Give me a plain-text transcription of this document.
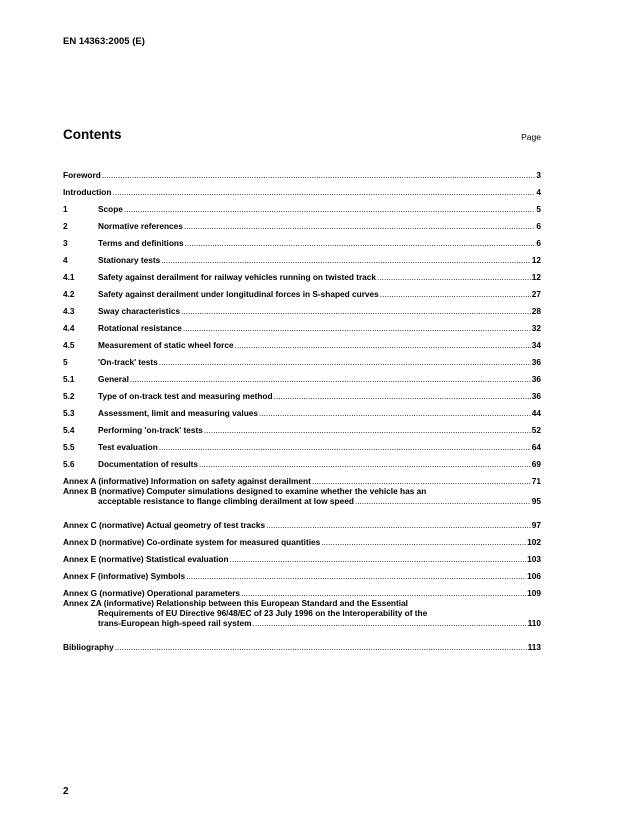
EN 14363:2005 (E)
Contents	Page
Foreword .....	3
Introduction .....	4
1	Scope .....	5
2	Normative references .....	6
3	Terms and definitions .....	6
4	Stationary tests .....	12
4.1	Safety against derailment for railway vehicles running on twisted track .....	12
4.2	Safety against derailment under longitudinal forces in S-shaped curves .....	27
4.3	Sway characteristics .....	28
4.4	Rotational resistance .....	32
4.5	Measurement of static wheel force .....	34
5	'On-track' tests .....	36
5.1	General .....	36
5.2	Type of on-track test and measuring method .....	36
5.3	Assessment, limit and measuring values .....	44
5.4	Performing 'on-track' tests .....	52
5.5	Test evaluation .....	64
5.6	Documentation of results .....	69
Annex A (informative) Information on safety against derailment .....	71
Annex B (normative) Computer simulations designed to examine whether the vehicle has an
acceptable resistance to flange climbing derailment at low speed .....	95
Annex C (normative) Actual geometry of test tracks .....	97
Annex D (normative) Co-ordinate system for measured quantities .....	102
Annex E (normative) Statistical evaluation .....	103
Annex F (informative) Symbols .....	106
Annex G (normative) Operational parameters .....	109
Annex ZA (informative) Relationship between this European Standard and the Essential
Requirements of EU Directive 96/48/EC of 23 July 1996 on the Interoperability of the
trans-European high-speed rail system .....	110
Bibliography .....	113
2
